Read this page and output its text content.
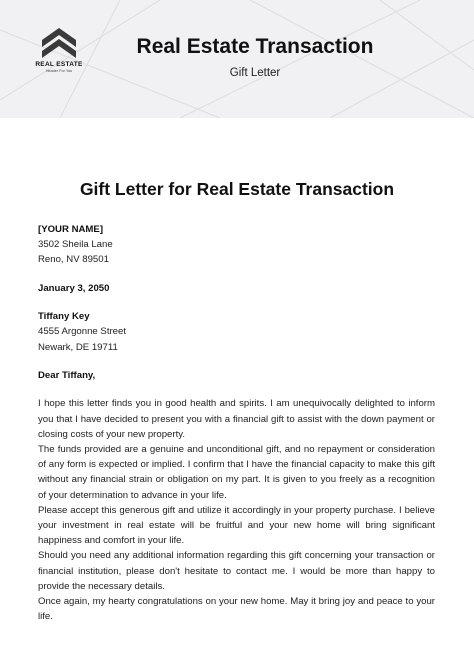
REAL ESTATE
Header For You
Real Estate Transaction
Gift Letter
Gift Letter for Real Estate Transaction

[YOUR NAME]

3502 Sheila Lane

Reno, NV 89501

January 3, 2050

Tiffany Key

4555 Argonne Street

Newark, DE 19711

Dear Tiffany,

I hope this letter finds you in good health and spirits. I am unequivocally delighted to inform you that I have decided to present you with a financial gift to assist with the down payment or closing costs of your new property.

The funds provided are a genuine and unconditional gift, and no repayment or consideration of any form is expected or implied. I confirm that I have the financial capacity to make this gift without any financial strain or obligation on my part. It is given to you freely as a recognition of your determination to advance in your life.

Please accept this generous gift and utilize it accordingly in your property purchase. I believe your investment in real estate will be fruitful and your new home will bring significant happiness and comfort in your life.

Should you need any additional information regarding this gift concerning your transaction or financial institution, please don't hesitate to contact me. I would be more than happy to provide the necessary details.

Once again, my hearty congratulations on your new home. May it bring joy and peace to your life.
